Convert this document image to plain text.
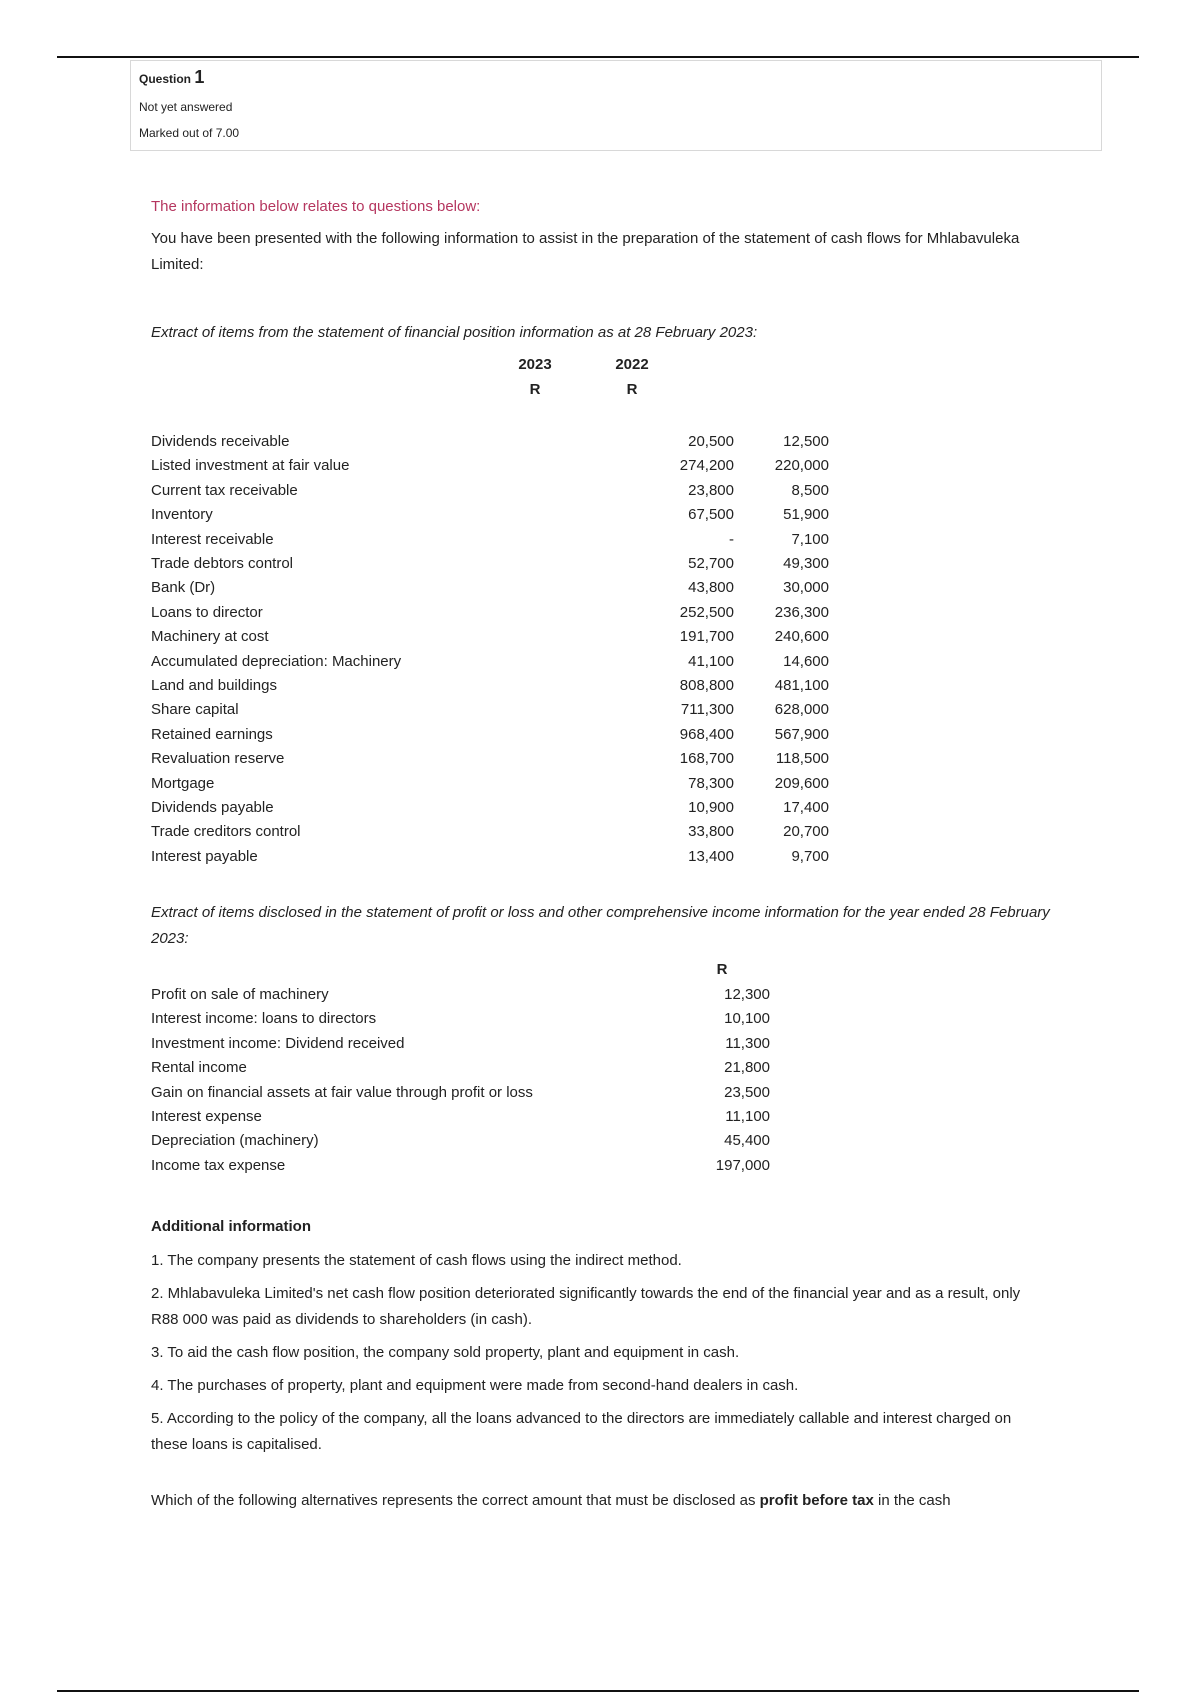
Question 1
Not yet answered
Marked out of 7.00
The information below relates to questions below:
You have been presented with the following information to assist in the preparation of the statement of cash flows for Mhlabavuleka Limited:
Extract of items from the statement of financial position information as at 28 February 2023:
2023	2022
R	R
Dividends receivable	20,500	12,500
Listed investment at fair value	274,200	220,000
Current tax receivable	23,800	8,500
Inventory	67,500	51,900
Interest receivable	-	7,100
Trade debtors control	52,700	49,300
Bank (Dr)	43,800	30,000
Loans to director	252,500	236,300
Machinery at cost	191,700	240,600
Accumulated depreciation: Machinery	41,100	14,600
Land and buildings	808,800	481,100
Share capital	711,300	628,000
Retained earnings	968,400	567,900
Revaluation reserve	168,700	118,500
Mortgage	78,300	209,600
Dividends payable	10,900	17,400
Trade creditors control	33,800	20,700
Interest payable	13,400	9,700
Extract of items disclosed in the statement of profit or loss and other comprehensive income information for the year ended 28 February 2023:
R
Profit on sale of machinery	12,300
Interest income: loans to directors	10,100
Investment income: Dividend received	11,300
Rental income	21,800
Gain on financial assets at fair value through profit or loss	23,500
Interest expense	11,100
Depreciation (machinery)	45,400
Income tax expense	197,000
Additional information
1. The company presents the statement of cash flows using the indirect method.
2. Mhlabavuleka Limited's net cash flow position deteriorated significantly towards the end of the financial year and as a result, only R88 000 was paid as dividends to shareholders (in cash).
3. To aid the cash flow position, the company sold property, plant and equipment in cash.
4. The purchases of property, plant and equipment were made from second-hand dealers in cash.
5. According to the policy of the company, all the loans advanced to the directors are immediately callable and interest charged on these loans is capitalised.
Which of the following alternatives represents the correct amount that must be disclosed as profit before tax in the cash
